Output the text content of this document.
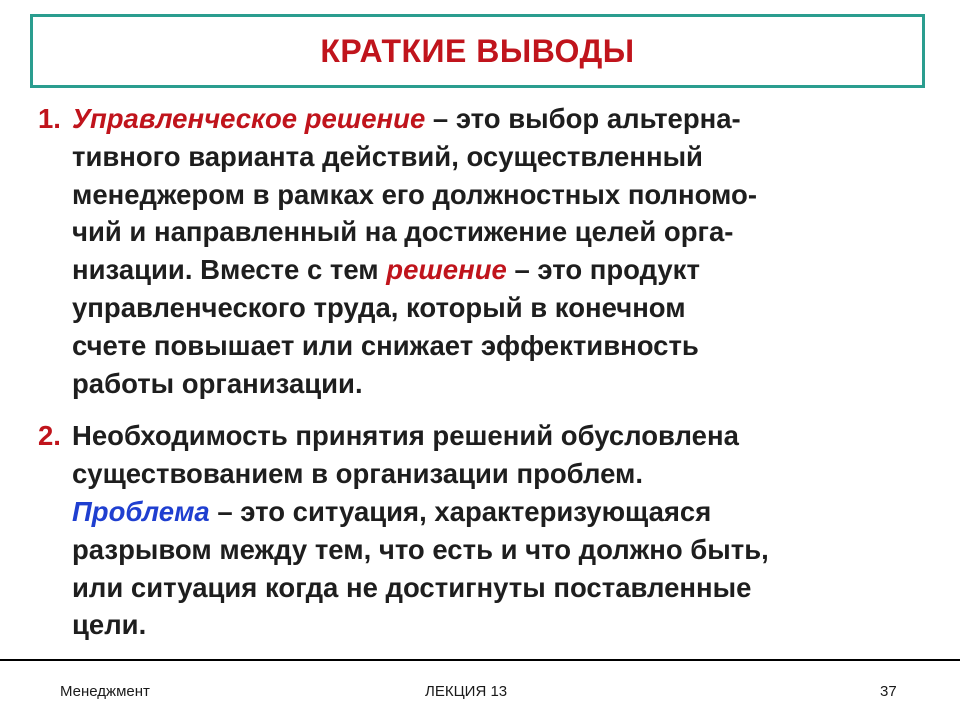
КРАТКИЕ ВЫВОДЫ
1. Управленческое решение – это выбор альтерна-
тивного варианта действий, осуществленный
менеджером в рамках его должностных полномо-
чий и направленный на достижение целей орга-
низации. Вместе с тем решение – это продукт
управленческого труда, который в конечном
счете повышает или снижает эффективность
работы организации.
2. Необходимость принятия решений обусловлена
существованием в организации проблем.
Проблема – это ситуация, характеризующаяся
разрывом между тем, что есть и что должно быть,
или ситуация когда не достигнуты поставленные
цели.
Менеджмент	ЛЕКЦИЯ 13	37
